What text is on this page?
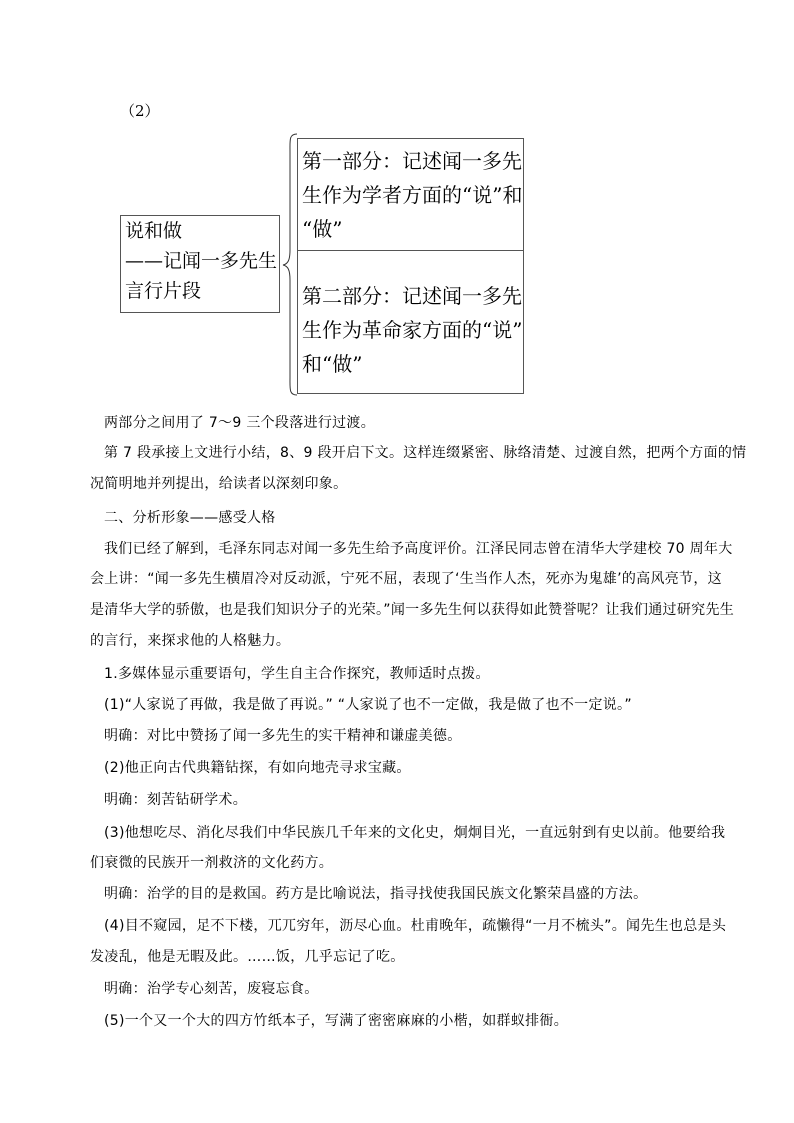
（2）
说和做
——记闻一多先生
言行片段
第一部分：记述闻一多先
生作为学者方面的“说”和
“做”
第二部分：记述闻一多先
生作为革命家方面的“说”
和“做”
两部分之间用了 7～9 三个段落进行过渡。
第 7 段承接上文进行小结，8、9 段开启下文。这样连缀紧密、脉络清楚、过渡自然，把两个方面的情
况简明地并列提出，给读者以深刻印象。
二、分析形象——感受人格
我们已经了解到，毛泽东同志对闻一多先生给予高度评价。江泽民同志曾在清华大学建校 70 周年大
会上讲：“闻一多先生横眉冷对反动派，宁死不屈，表现了‘生当作人杰，死亦为鬼雄’的高风亮节，这
是清华大学的骄傲，也是我们知识分子的光荣。”闻一多先生何以获得如此赞誉呢？让我们通过研究先生
的言行，来探求他的人格魅力。
1.多媒体显示重要语句，学生自主合作探究，教师适时点拨。
(1)“人家说了再做，我是做了再说。” “人家说了也不一定做，我是做了也不一定说。”
明确：对比中赞扬了闻一多先生的实干精神和谦虚美德。
(2)他正向古代典籍钻探，有如向地壳寻求宝藏。
明确：刻苦钻研学术。
(3)他想吃尽、消化尽我们中华民族几千年来的文化史，炯炯目光，一直远射到有史以前。他要给我
们衰微的民族开一剂救济的文化药方。
明确：治学的目的是救国。药方是比喻说法，指寻找使我国民族文化繁荣昌盛的方法。
(4)目不窥园，足不下楼，兀兀穷年，沥尽心血。杜甫晚年，疏懒得“一月不梳头”。闻先生也总是头
发凌乱，他是无暇及此。……饭，几乎忘记了吃。
明确：治学专心刻苦，废寝忘食。
(5)一个又一个大的四方竹纸本子，写满了密密麻麻的小楷，如群蚁排衙。
